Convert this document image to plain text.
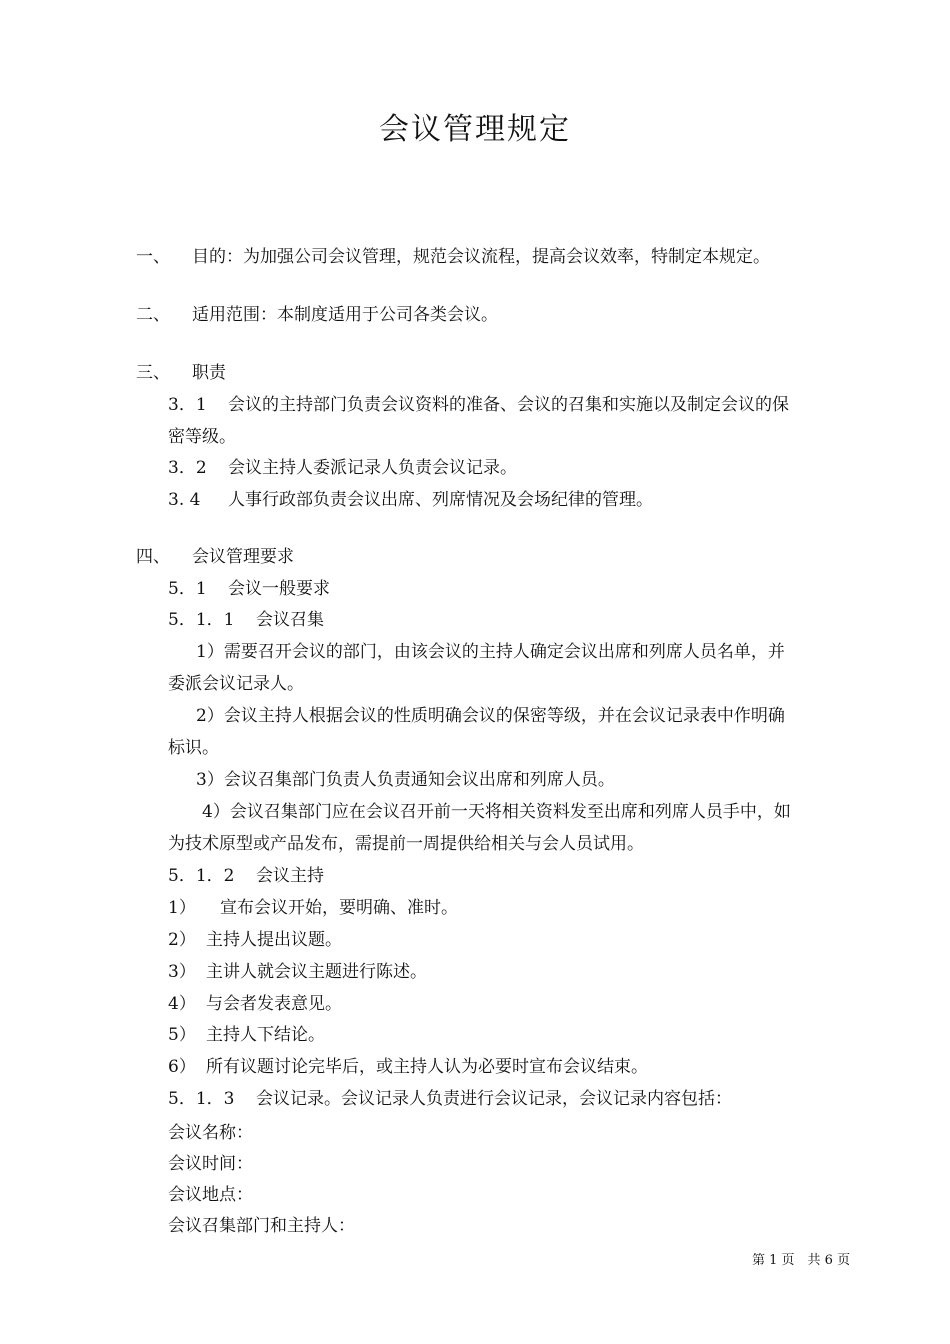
会议管理规定
一、 目的：为加强公司会议管理，规范会议流程，提高会议效率，特制定本规定。
二、 适用范围：本制度适用于公司各类会议。
三、 职责
3．1 会议的主持部门负责会议资料的准备、会议的召集和实施以及制定会议的保
密等级。
3．2 会议主持人委派记录人负责会议记录。
3. 4 人事行政部负责会议出席、列席情况及会场纪律的管理。
四、 会议管理要求
5．1 会议一般要求
5．1．1 会议召集
1）需要召开会议的部门，由该会议的主持人确定会议出席和列席人员名单，并
委派会议记录人。
2）会议主持人根据会议的性质明确会议的保密等级，并在会议记录表中作明确
标识。
3）会议召集部门负责人负责通知会议出席和列席人员。
4）会议召集部门应在会议召开前一天将相关资料发至出席和列席人员手中，如
为技术原型或产品发布，需提前一周提供给相关与会人员试用。
5．1．2 会议主持
1） 宣布会议开始，要明确、准时。
2） 主持人提出议题。
3） 主讲人就会议主题进行陈述。
4） 与会者发表意见。
5） 主持人下结论。
6） 所有议题讨论完毕后，或主持人认为必要时宣布会议结束。
5．1．3 会议记录。会议记录人负责进行会议记录，会议记录内容包括：
会议名称：
会议时间：
会议地点：
会议召集部门和主持人：
第 1 页　共 6 页
